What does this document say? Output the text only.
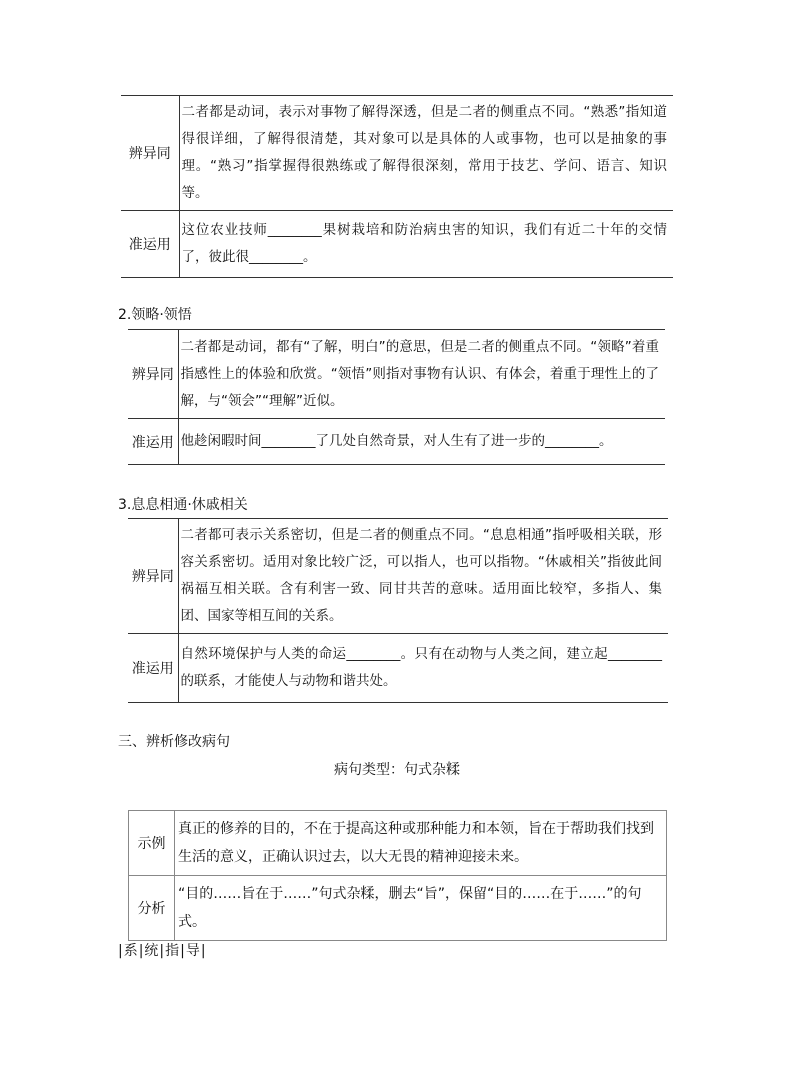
辨异同	二者都是动词，表示对事物了解得深透，但是二者的侧重点不同。“熟悉”指知道得很详细，了解得很清楚，其对象可以是具体的人或事物，也可以是抽象的事理。“熟习”指掌握得很熟练或了解得很深刻，常用于技艺、学问、语言、知识等。
准运用	这位农业技师________果树栽培和防治病虫害的知识，我们有近二十年的交情了，彼此很________。
2.领略·领悟
辨异同	二者都是动词，都有“了解，明白”的意思，但是二者的侧重点不同。“领略”着重指感性上的体验和欣赏。“领悟”则指对事物有认识、有体会，着重于理性上的了解，与“领会”“理解”近似。
准运用	他趁闲暇时间________了几处自然奇景，对人生有了进一步的________。
3.息息相通·休戚相关
辨异同	二者都可表示关系密切，但是二者的侧重点不同。“息息相通”指呼吸相关联，形容关系密切。适用对象比较广泛，可以指人，也可以指物。“休戚相关”指彼此间祸福互相关联。含有利害一致、同甘共苦的意味。适用面比较窄，多指人、集团、国家等相互间的关系。
准运用	自然环境保护与人类的命运________。只有在动物与人类之间，建立起________的联系，才能使人与动物和谐共处。
三、辨析修改病句
病句类型：句式杂糅
示例	真正的修养的目的，不在于提高这种或那种能力和本领，旨在于帮助我们找到生活的意义，正确认识过去，以大无畏的精神迎接未来。
分析	“目的……旨在于……”句式杂糅，删去“旨”，保留“目的……在于……”的句式。
|系|统|指|导|
